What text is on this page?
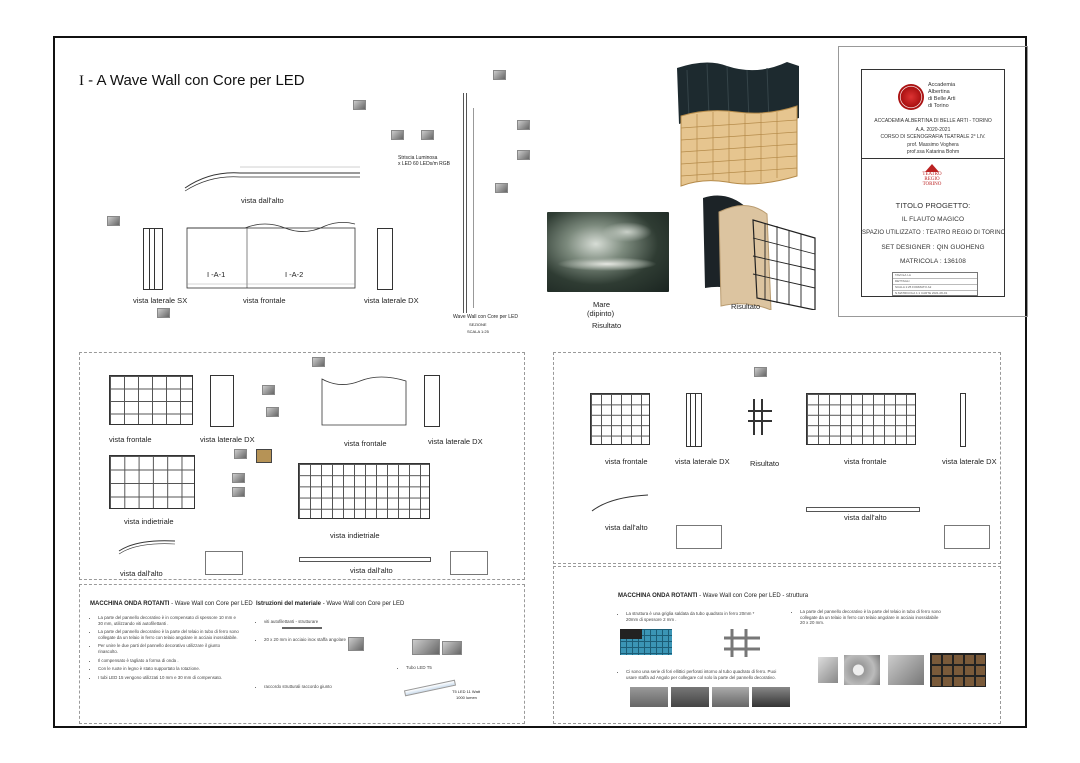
I - A Wave Wall con Core per LED
vista dall'alto
Striscia Luminosa
x LED 60 LEDs/m RGB
vista laterale SX
I -A-1	I -A-2
vista frontale	vista laterale DX
Wave Wall con Core per LED
SEZIONE
SCALA 1:25
Mare
(dipinto)
Risultato
Risultato
Accademia
Albertina
di Belle Arti
di Torino
ACCADEMIA ALBERTINA DI BELLE ARTI - TORINO
A.A. 2020-2021
CORSO DI SCENOGRAFIA TEATRALE 2° LIV.
prof. Massimo Voghera
prof.ssa Katarina Bohm
TEATRO
REGIO
TORINO
TITOLO PROGETTO:
IL FLAUTO MAGICO
SPAZIO UTILIZZATO : TEATRO REGIO DI TORINO
SET DESIGNER : QIN GUOHENG
MATRICOLA : 136108
TAVOLA I-A
DETTAGLI
SCALA 1:25 FORMATO A2
N.MATRICOLA 1:1 CARTE 2021-06-01
vista frontale	vista laterale DX	vista frontale	vista laterale DX
vista indietriale
vista indietriale
vista dall'alto	vista dall'alto
vista frontale	vista laterale DX	Risultato	vista frontale	vista laterale DX
vista dall'alto
vista dall'alto
MACCHINA ONDA ROTANTI - Wave Wall con Core per LED
• La parte del pannello decorativo è in compensato di spessore 10 mm e 30 mm, utilizzando viti autofilettanti .
• La parte del pannello decorativo è la parte del telaio in tubo di ferro sono collegate da un telaio in ferro con telaio angolare in acciaio inossidabile.
• Per unire le due parti del pannello decorativo utilizzare il giunto rinascolto.
• Il compensato è tagliato a forma di onda .
• Con le ruote in legno è stato supportato la rotazione.
• I tubi LED 15 vengono utilizzati 10 mm e 30 mm di compensato.
Istruzioni del materiale - Wave Wall con Core per LED
• viti autofilettanti - strutturare
• 20 x 20 mm in acciaio inox staffa angolare
• raccordo strutturali raccordo giunto
• Tubo LED T5
T5 LED 11 Watt
1000 lumen
MACCHINA ONDA ROTANTI - Wave Wall con Core per LED - struttura
• La struttura è una griglia saldata da tubo quadrato in ferro 20mm * 20mm di spessore 2 mm .
• La parte del pannello decorativo è la parte del telaio in tubo di ferro sono collegate da un telaio in ferro con telaio angolare in acciaio inossidabile 20 x 20 mm.
• Ci sono una serie di fori ellittici perforati intorno al tubo quadrato di ferro. Puoi usare staffa ad Angolo per collegare col solo la parte del pannello decorativo.
